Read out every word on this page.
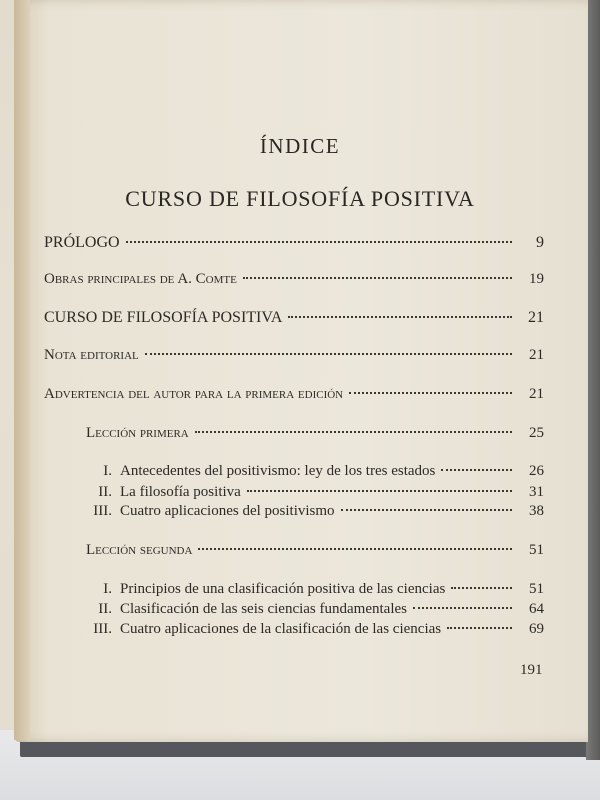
ÍNDICE
CURSO DE FILOSOFÍA POSITIVA
PRÓLOGO	9
Obras principales de A. Comte	19
CURSO DE FILOSOFÍA POSITIVA	21
Nota editorial	21
Advertencia del autor para la primera edición	21
Lección primera	25
I. Antecedentes del positivismo: ley de los tres estados	26
II. La filosofía positiva	31
III. Cuatro aplicaciones del positivismo	38
Lección segunda	51
I. Principios de una clasificación positiva de las ciencias	51
II. Clasificación de las seis ciencias fundamentales	64
III. Cuatro aplicaciones de la clasificación de las ciencias	69
191
